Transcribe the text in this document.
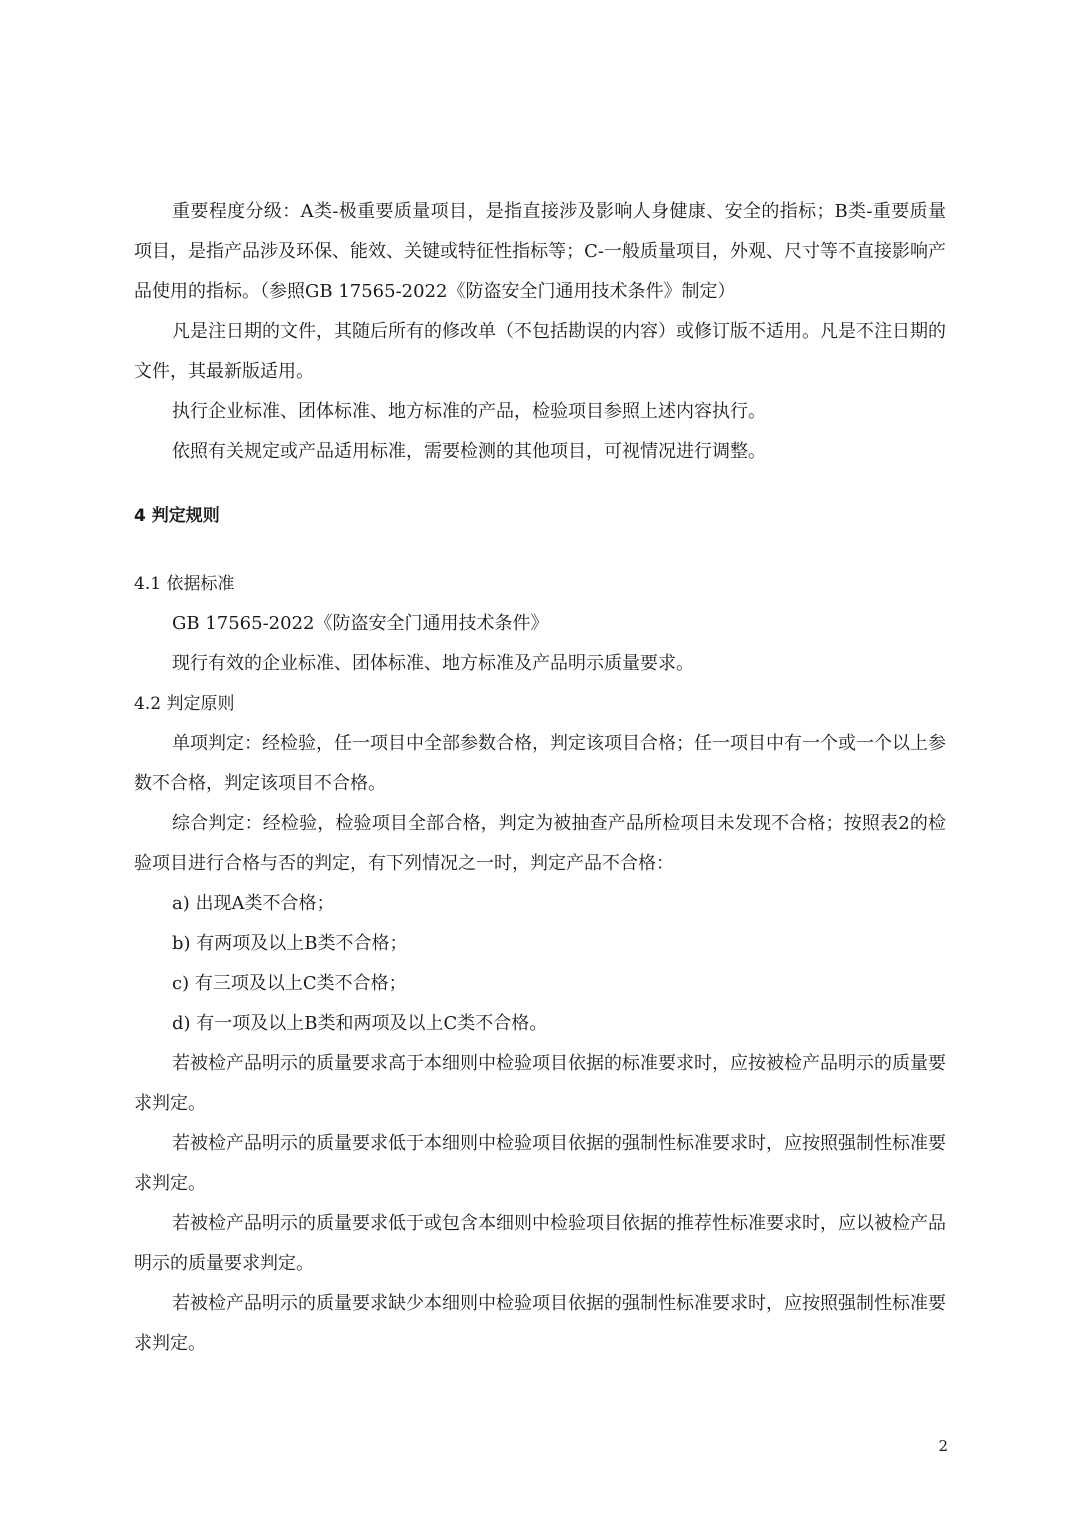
重要程度分级：A类-极重要质量项目，是指直接涉及影响人身健康、安全的指标；B类-重要质量项目，是指产品涉及环保、能效、关键或特征性指标等；C-一般质量项目，外观、尺寸等不直接影响产品使用的指标。（参照GB 17565-2022《防盗安全门通用技术条件》制定）

凡是注日期的文件，其随后所有的修改单（不包括勘误的内容）或修订版不适用。凡是不注日期的文件，其最新版适用。

执行企业标准、团体标准、地方标准的产品，检验项目参照上述内容执行。

依照有关规定或产品适用标准，需要检测的其他项目，可视情况进行调整。

4 判定规则

4.1 依据标准

GB 17565-2022《防盗安全门通用技术条件》

现行有效的企业标准、团体标准、地方标准及产品明示质量要求。

4.2 判定原则

单项判定：经检验，任一项目中全部参数合格，判定该项目合格；任一项目中有一个或一个以上参数不合格，判定该项目不合格。

综合判定：经检验，检验项目全部合格，判定为被抽查产品所检项目未发现不合格；按照表2的检验项目进行合格与否的判定，有下列情况之一时，判定产品不合格：

a) 出现A类不合格；

b) 有两项及以上B类不合格；

c) 有三项及以上C类不合格；

d) 有一项及以上B类和两项及以上C类不合格。

若被检产品明示的质量要求高于本细则中检验项目依据的标准要求时，应按被检产品明示的质量要求判定。

若被检产品明示的质量要求低于本细则中检验项目依据的强制性标准要求时，应按照强制性标准要求判定。

若被检产品明示的质量要求低于或包含本细则中检验项目依据的推荐性标准要求时，应以被检产品明示的质量要求判定。

若被检产品明示的质量要求缺少本细则中检验项目依据的强制性标准要求时，应按照强制性标准要求判定。

2
